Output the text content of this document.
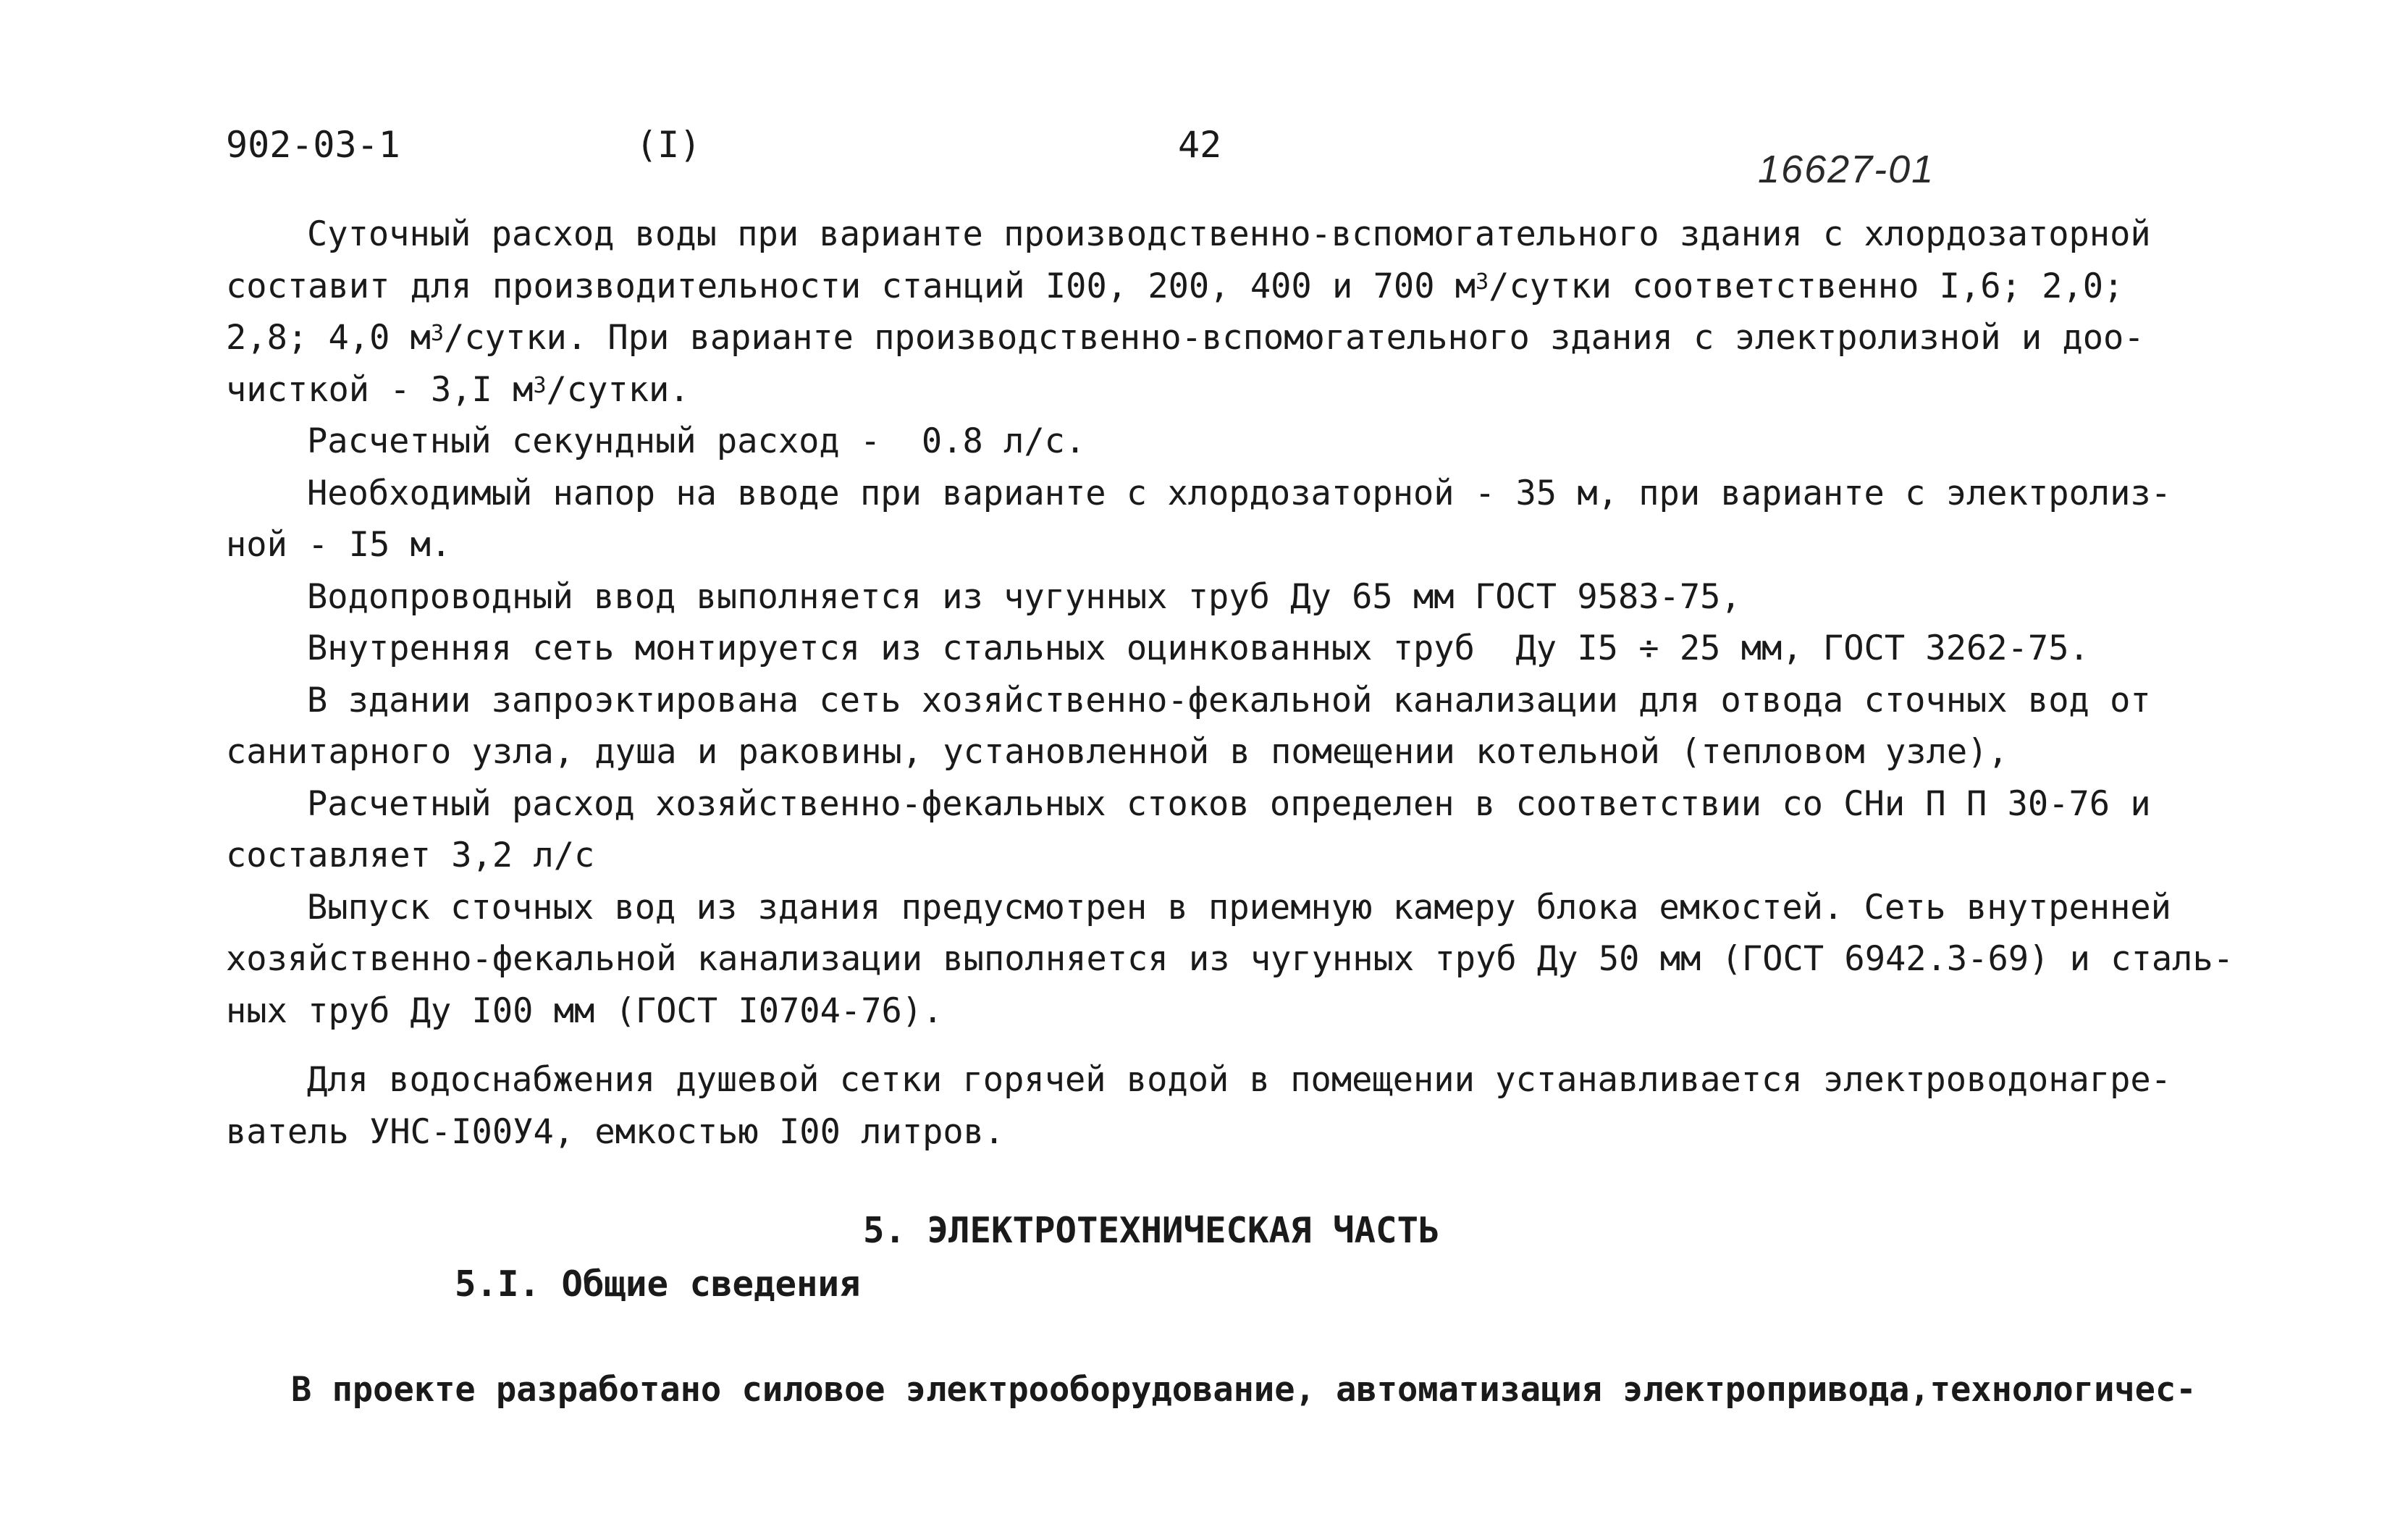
902-03-1	(I)	42
16627-01

Суточный расход воды при варианте производственно-вспомогательного здания с хлордозаторной

составит для производительности станций I00, 200, 400 и 700 $м^3$/сутки соответственно I,6; 2,0;

2,8; 4,0 $м^3$/сутки. При варианте производственно-вспомогательного здания с электролизной и доо-

чисткой - 3,I $м^3$/сутки.

Расчетный секундный расход -  0.8 л/с.

Необходимый напор на вводе при варианте с хлордозаторной - 35 м, при варианте с электролиз-

ной - I5 м.

Водопроводный ввод выполняется из чугунных труб Ду 65 мм ГОСТ 9583-75,

Внутренняя сеть монтируется из стальных оцинкованных труб  Ду I5 ÷ 25 мм, ГОСТ 3262-75.

В здании запроэктирована сеть хозяйственно-фекальной канализации для отвода сточных вод от

санитарного узла, душа и раковины, установленной в помещении котельной (тепловом узле),

Расчетный расход хозяйственно-фекальных стоков определен в соответствии со СНи П П 30-76 и

составляет 3,2 л/с

Выпуск сточных вод из здания предусмотрен в приемную камеру блока емкостей. Сеть внутренней

хозяйственно-фекальной канализации выполняется из чугунных труб Ду 50 мм (ГОСТ 6942.3-69) и сталь-

ных труб Ду I00 мм (ГОСТ I0704-76).

Для водоснабжения душевой сетки горячей водой в помещении устанавливается электроводонагре-

ватель УНС-I00У4, емкостью I00 литров.

5. ЭЛЕКТРОТЕХНИЧЕСКАЯ ЧАСТЬ
5.I. Общие сведения
В проекте разработано силовое электрооборудование, автоматизация электропривода,технологичес-
